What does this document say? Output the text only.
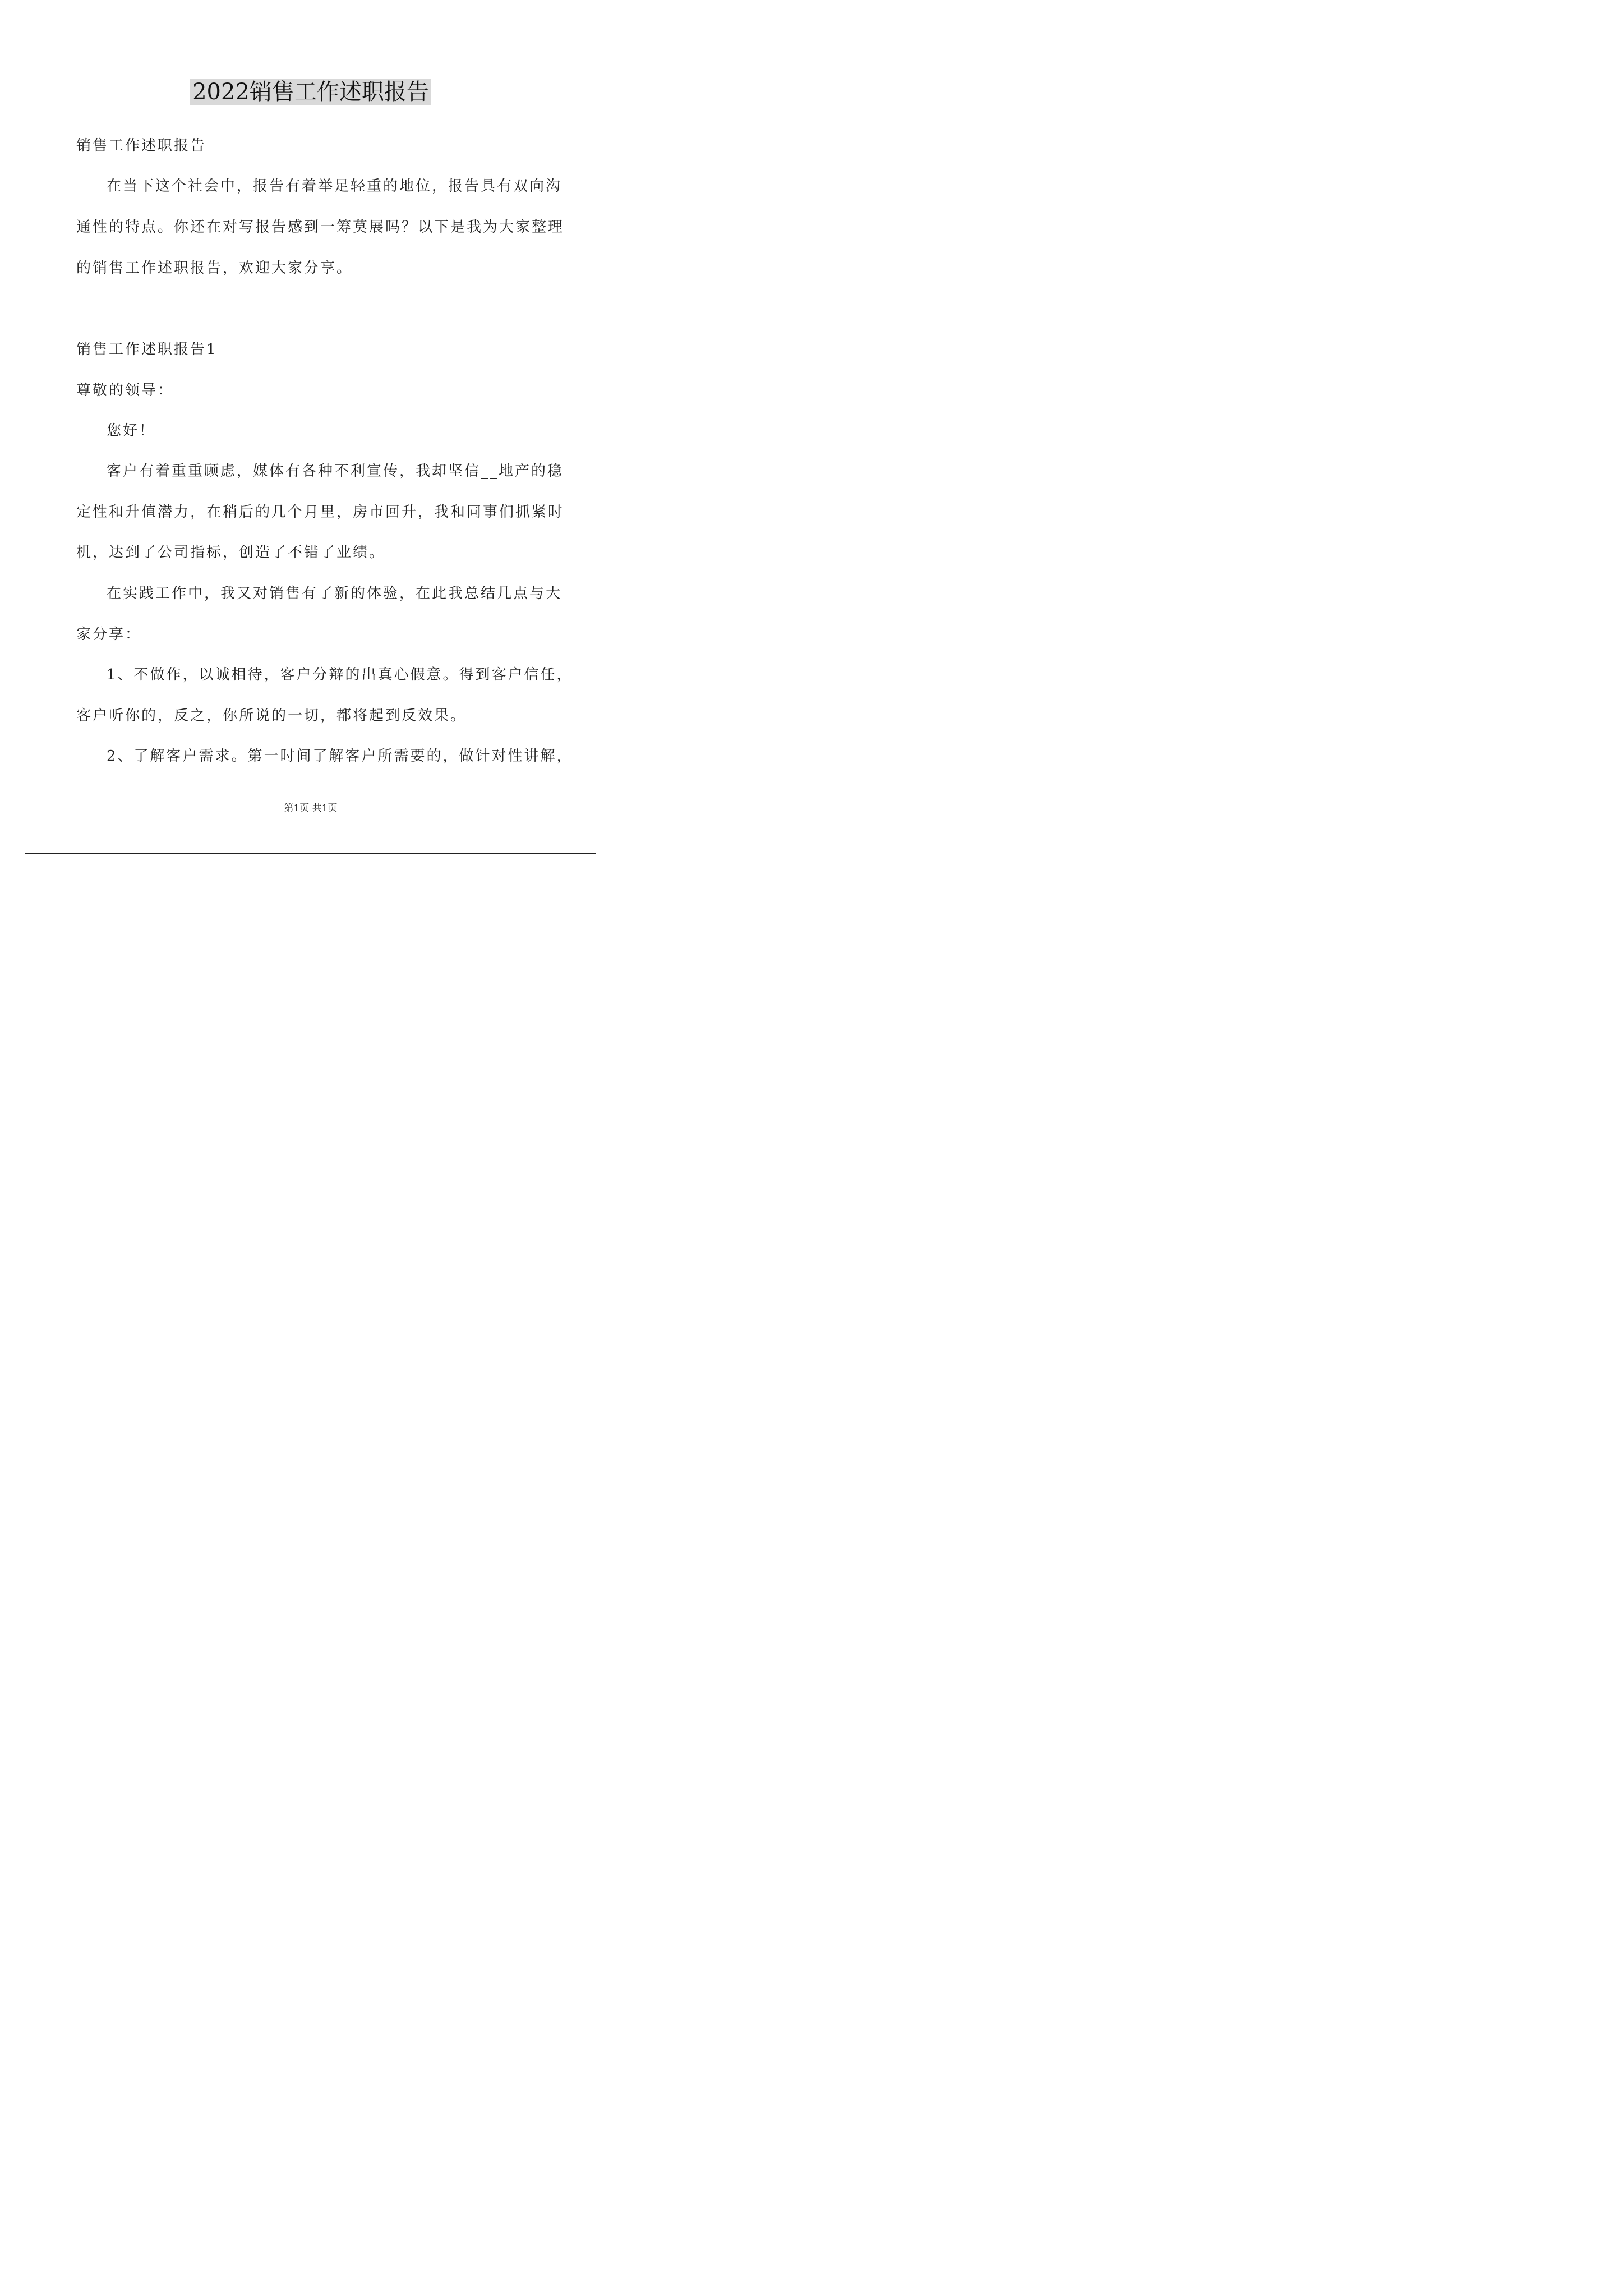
2022销售工作述职报告
销售工作述职报告
在当下这个社会中，报告有着举足轻重的地位，报告具有双向沟
通性的特点。你还在对写报告感到一筹莫展吗？以下是我为大家整理
的销售工作述职报告，欢迎大家分享。
销售工作述职报告1
尊敬的领导：
您好！
客户有着重重顾虑，媒体有各种不利宣传，我却坚信__地产的稳
定性和升值潜力，在稍后的几个月里，房市回升，我和同事们抓紧时
机，达到了公司指标，创造了不错了业绩。
在实践工作中，我又对销售有了新的体验，在此我总结几点与大
家分享：
1、不做作，以诚相待，客户分辩的出真心假意。得到客户信任，
客户听你的，反之，你所说的一切，都将起到反效果。
2、了解客户需求。第一时间了解客户所需要的，做针对性讲解，
第1页 共1页
